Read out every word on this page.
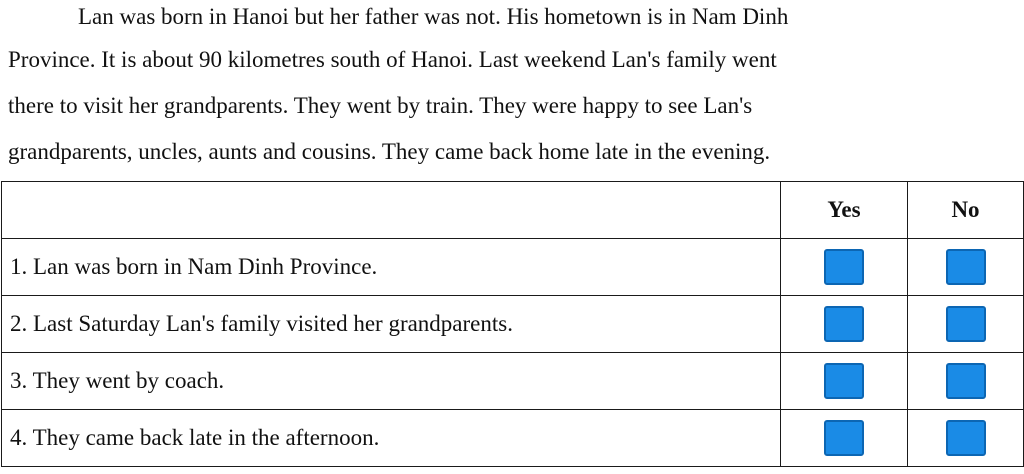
Lan was born in Hanoi but her father was not. His hometown is in Nam Dinh
Province. It is about 90 kilometres south of Hanoi. Last weekend Lan's family went
there to visit her grandparents. They went by train. They were happy to see Lan's
grandparents, uncles, aunts and cousins. They came back home late in the evening.
	Yes	No
1. Lan was born in Nam Dinh Province.		
2. Last Saturday Lan's family visited her grandparents.		
3. They went by coach.		
4. They came back late in the afternoon.		
